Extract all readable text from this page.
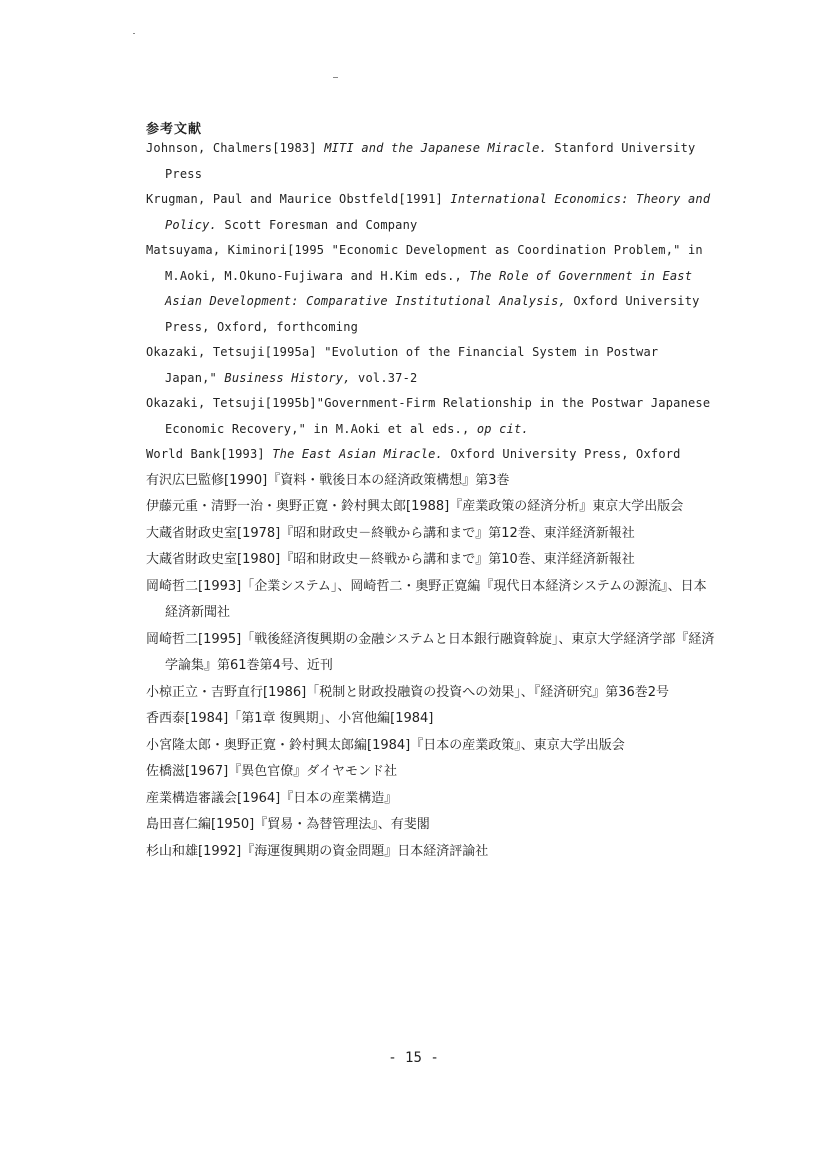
参考文献

Johnson, Chalmers[1983] MITI and the Japanese Miracle. Stanford University Press

Krugman, Paul and Maurice Obstfeld[1991] International Economics: Theory and Policy. Scott Foresman and Company

Matsuyama, Kiminori[1995 "Economic Development as Coordination Problem," in M.Aoki, M.Okuno-Fujiwara and H.Kim eds., The Role of Government in East Asian Development: Comparative Institutional Analysis, Oxford University Press, Oxford, forthcoming

Okazaki, Tetsuji[1995a] "Evolution of the Financial System in Postwar Japan," Business History, vol.37-2

Okazaki, Tetsuji[1995b]"Government-Firm Relationship in the Postwar Japanese Economic Recovery," in M.Aoki et al eds., op cit.

World Bank[1993] The East Asian Miracle. Oxford University Press, Oxford

有沢広巳監修[1990]『資料・戦後日本の経済政策構想』第3巻

伊藤元重・清野一治・奥野正寛・鈴村興太郎[1988]『産業政策の経済分析』東京大学出版会

大蔵省財政史室[1978]『昭和財政史－終戦から講和まで』第12巻、東洋経済新報社

大蔵省財政史室[1980]『昭和財政史－終戦から講和まで』第10巻、東洋経済新報社

岡崎哲二[1993]「企業システム」、岡崎哲二・奥野正寛編『現代日本経済システムの源流』、日本経済新聞社

岡崎哲二[1995]「戦後経済復興期の金融システムと日本銀行融資斡旋」、東京大学経済学部『経済学論集』第61巻第4号、近刊

小椋正立・吉野直行[1986]「税制と財政投融資の投資への効果」、『経済研究』第36巻2号

香西泰[1984]「第1章 復興期」、小宮他編[1984]

小宮隆太郎・奥野正寛・鈴村興太郎編[1984]『日本の産業政策』、東京大学出版会

佐橋滋[1967]『異色官僚』ダイヤモンド社

産業構造審議会[1964]『日本の産業構造』

島田喜仁編[1950]『貿易・為替管理法』、有斐閣

杉山和雄[1992]『海運復興期の資金問題』日本経済評論社

- 15 -
